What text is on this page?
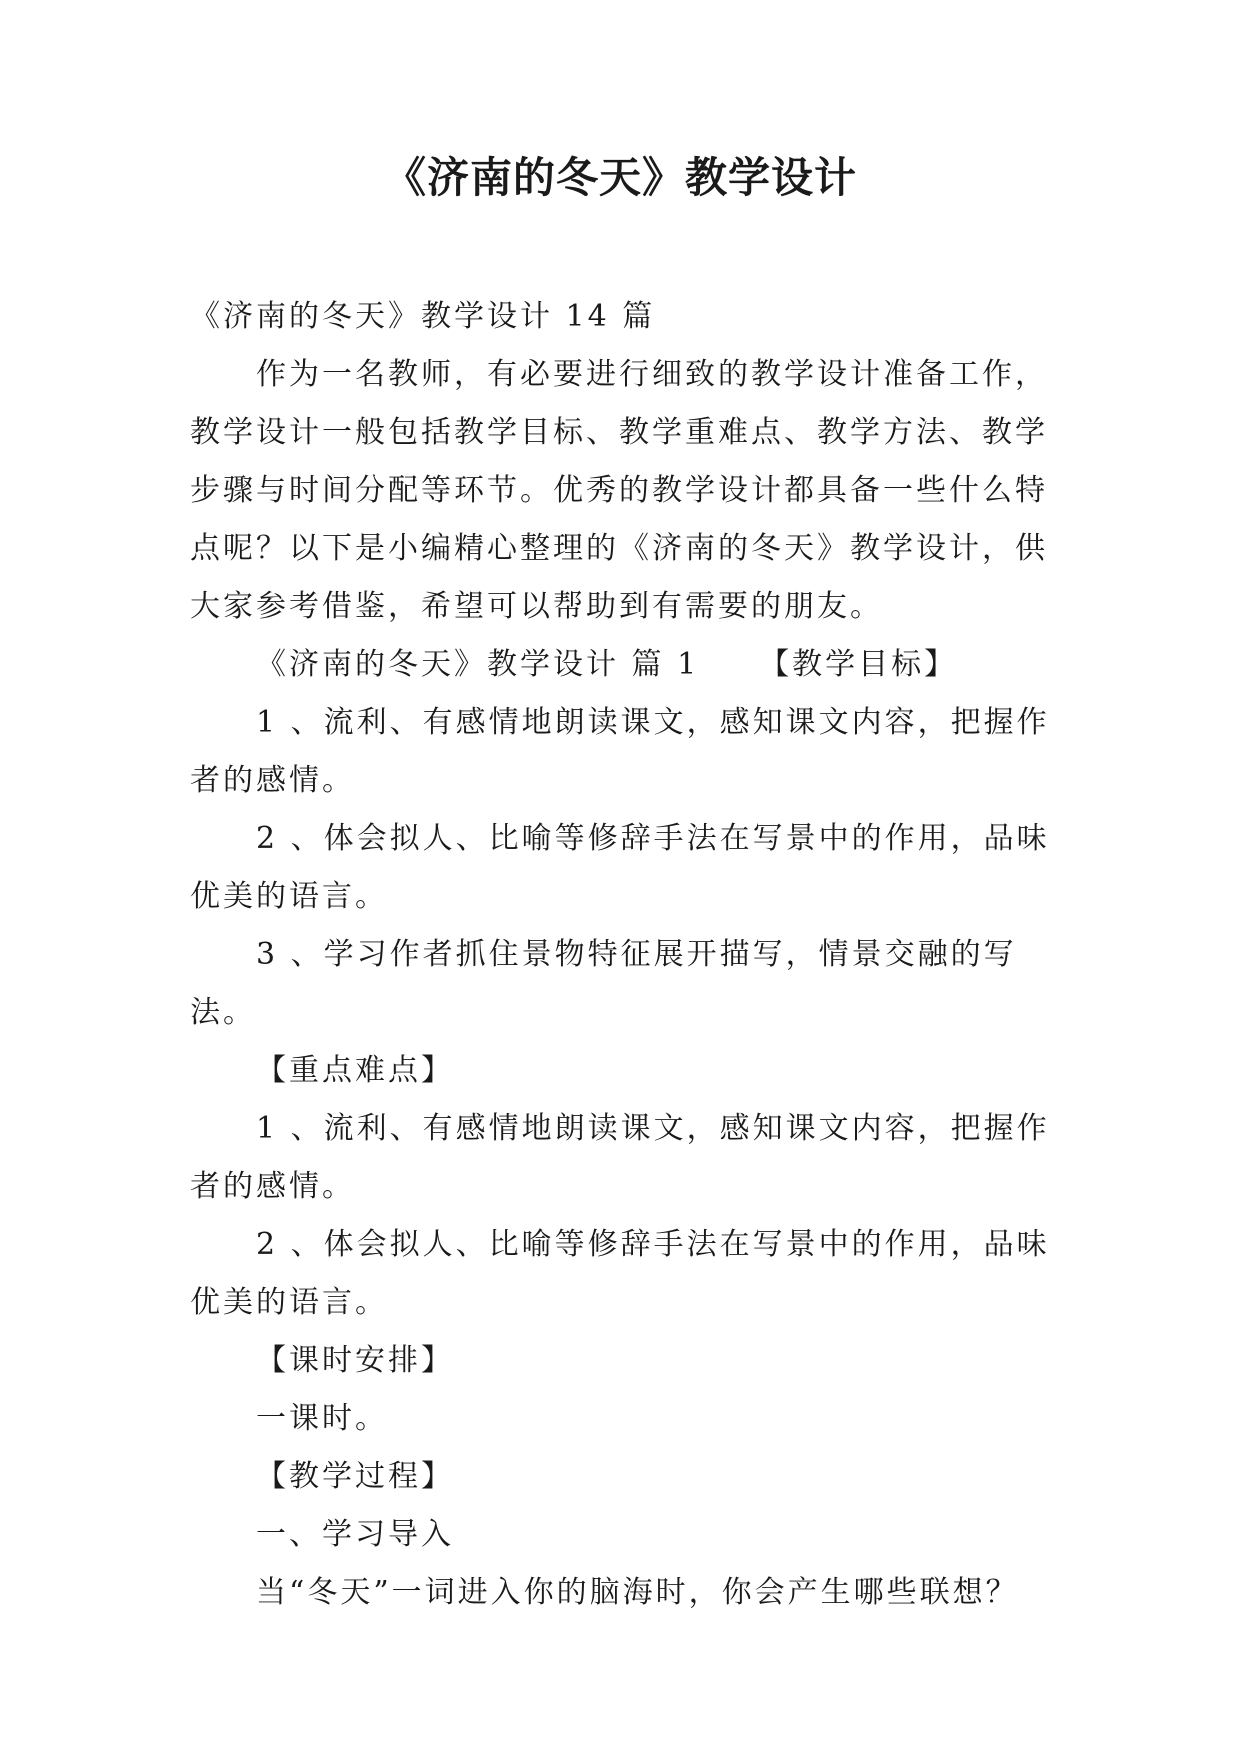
《济南的冬天》教学设计

《济南的冬天》教学设计 14 篇

作为一名教师，有必要进行细致的教学设计准备工作，教学设计一般包括教学目标、教学重难点、教学方法、教学步骤与时间分配等环节。优秀的教学设计都具备一些什么特点呢？以下是小编精心整理的《济南的冬天》教学设计，供大家参考借鉴，希望可以帮助到有需要的朋友。

《济南的冬天》教学设计 篇 1 【教学目标】

1 、流利、有感情地朗读课文，感知课文内容，把握作者的感情。

2 、体会拟人、比喻等修辞手法在写景中的作用，品味优美的语言。

3 、学习作者抓住景物特征展开描写，情景交融的写法。

【重点难点】

1 、流利、有感情地朗读课文，感知课文内容，把握作者的感情。

2 、体会拟人、比喻等修辞手法在写景中的作用，品味优美的语言。

【课时安排】

一课时。

【教学过程】

一、学习导入

当“冬天”一词进入你的脑海时，你会产生哪些联想？
